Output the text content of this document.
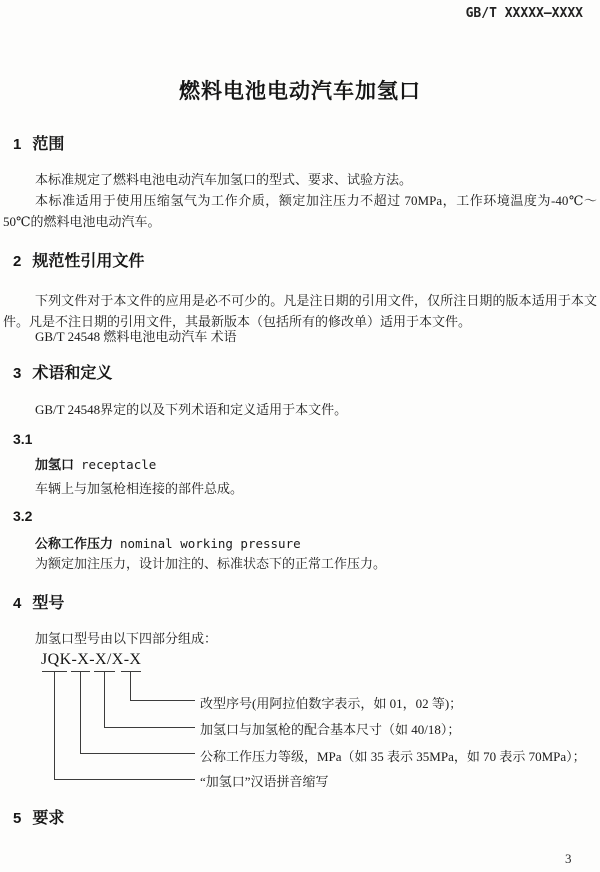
GB/T XXXXX—XXXX
燃料电池电动汽车加氢口
1 范围
本标准规定了燃料电池电动汽车加氢口的型式、要求、试验方法。
本标准适用于使用压缩氢气为工作介质，额定加注压力不超过 70MPa，工作环境温度为-40℃～50℃的燃料电池电动汽车。
2 规范性引用文件
下列文件对于本文件的应用是必不可少的。凡是注日期的引用文件，仅所注日期的版本适用于本文件。凡是不注日期的引用文件，其最新版本（包括所有的修改单）适用于本文件。
GB/T 24548 燃料电池电动汽车 术语
3 术语和定义
GB/T 24548界定的以及下列术语和定义适用于本文件。
3.1
加氢口 receptacle
车辆上与加氢枪相连接的部件总成。
3.2
公称工作压力 nominal working pressure
为额定加注压力，设计加注的、标准状态下的正常工作压力。
4 型号
加氢口型号由以下四部分组成：
JQK-X-X/X-X
改型序号(用阿拉伯数字表示，如 01，02 等)；
加氢口与加氢枪的配合基本尺寸（如 40/18）；
公称工作压力等级，MPa（如 35 表示 35MPa，如 70 表示 70MPa）；
“加氢口”汉语拼音缩写
5 要求
3
